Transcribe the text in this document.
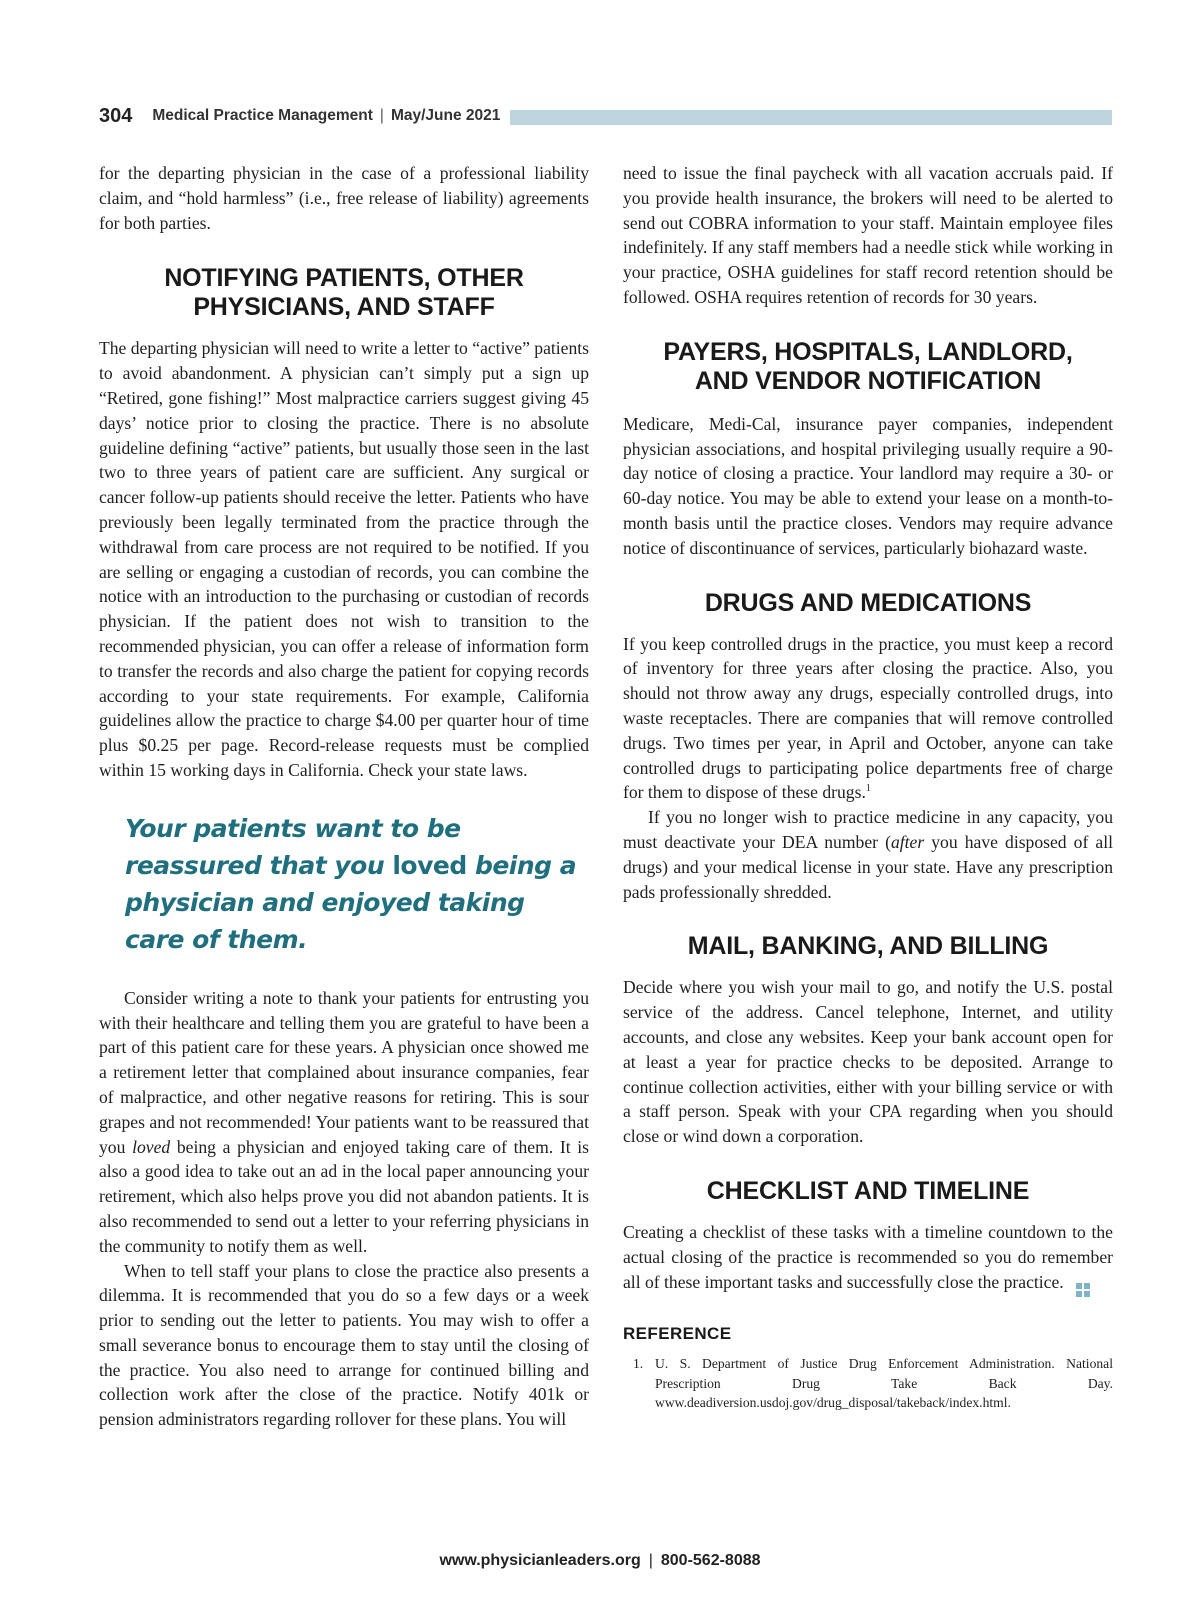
304 Medical Practice Management | May/June 2021

for the departing physician in the case of a professional liability claim, and “hold harmless” (i.e., free release of liability) agreements for both parties.

NOTIFYING PATIENTS, OTHER
PHYSICIANS, AND STAFF

The departing physician will need to write a letter to “active” patients to avoid abandonment. A physician can’t simply put a sign up “Retired, gone fishing!” Most malpractice carriers suggest giving 45 days’ notice prior to closing the practice. There is no absolute guideline defining “active” patients, but usually those seen in the last two to three years of patient care are sufficient. Any surgical or cancer follow-up patients should receive the letter. Patients who have previously been legally terminated from the practice through the withdrawal from care process are not required to be notified. If you are selling or engaging a custodian of records, you can combine the notice with an introduction to the purchasing or custodian of records physician. If the patient does not wish to transition to the recommended physician, you can offer a release of information form to transfer the records and also charge the patient for copying records according to your state requirements. For example, California guidelines allow the practice to charge $4.00 per quarter hour of time plus $0.25 per page. Record-release requests must be complied within 15 working days in California. Check your state laws.

Your patients want to be reassured that you loved being a physician and enjoyed taking care of them.

Consider writing a note to thank your patients for entrusting you with their healthcare and telling them you are grateful to have been a part of this patient care for these years. A physician once showed me a retirement letter that complained about insurance companies, fear of malpractice, and other negative reasons for retiring. This is sour grapes and not recommended! Your patients want to be reassured that you loved being a physician and enjoyed taking care of them. It is also a good idea to take out an ad in the local paper announcing your retirement, which also helps prove you did not abandon patients. It is also recommended to send out a letter to your referring physicians in the community to notify them as well.

When to tell staff your plans to close the practice also presents a dilemma. It is recommended that you do so a few days or a week prior to sending out the letter to patients. You may wish to offer a small severance bonus to encourage them to stay until the closing of the practice. You also need to arrange for continued billing and collection work after the close of the practice. Notify 401k or pension administrators regarding rollover for these plans. You will

need to issue the final paycheck with all vacation accruals paid. If you provide health insurance, the brokers will need to be alerted to send out COBRA information to your staff. Maintain employee files indefinitely. If any staff members had a needle stick while working in your practice, OSHA guidelines for staff record retention should be followed. OSHA requires retention of records for 30 years.

PAYERS, HOSPITALS, LANDLORD,
AND VENDOR NOTIFICATION

Medicare, Medi-Cal, insurance payer companies, independent physician associations, and hospital privileging usually require a 90-day notice of closing a practice. Your landlord may require a 30- or 60-day notice. You may be able to extend your lease on a month-to-month basis until the practice closes. Vendors may require advance notice of discontinuance of services, particularly biohazard waste.

DRUGS AND MEDICATIONS

If you keep controlled drugs in the practice, you must keep a record of inventory for three years after closing the practice. Also, you should not throw away any drugs, especially controlled drugs, into waste receptacles. There are companies that will remove controlled drugs. Two times per year, in April and October, anyone can take controlled drugs to participating police departments free of charge for them to dispose of these drugs.$^1$

If you no longer wish to practice medicine in any capacity, you must deactivate your DEA number (after you have disposed of all drugs) and your medical license in your state. Have any prescription pads professionally shredded.

MAIL, BANKING, AND BILLING

Decide where you wish your mail to go, and notify the U.S. postal service of the address. Cancel telephone, Internet, and utility accounts, and close any websites. Keep your bank account open for at least a year for practice checks to be deposited. Arrange to continue collection activities, either with your billing service or with a staff person. Speak with your CPA regarding when you should close or wind down a corporation.

CHECKLIST AND TIMELINE

Creating a checklist of these tasks with a timeline countdown to the actual closing of the practice is recommended so you do remember all of these important tasks and successfully close the practice.

REFERENCE
1. U. S. Department of Justice Drug Enforcement Administration. National Prescription Drug Take Back Day. www.deadiversion.usdoj.gov/drug_disposal/takeback/index.html.
www.physicianleaders.org | 800-562-8088
